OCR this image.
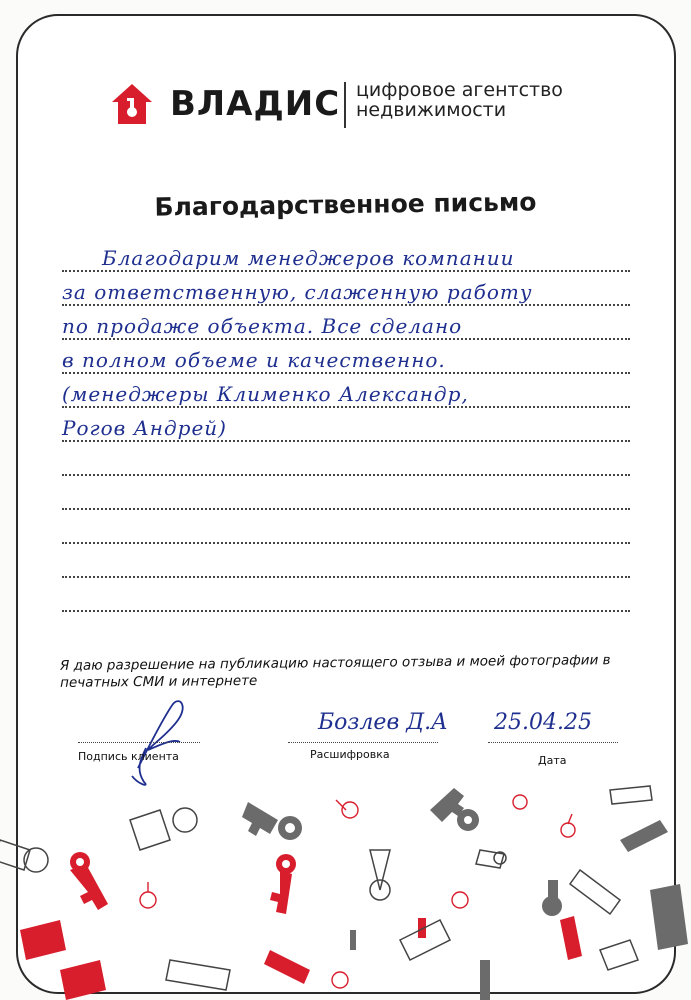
ВЛАДИС цифровое агентство
недвижимости
Благодарственное письмо
Благодарим менеджеров компании
за ответственную, слаженную работу
по продаже объекта. Все сделано
в полном объеме и качественно.
(менеджеры Клименко Александр,
Рогов Андрей)
Я даю разрешение на публикацию настоящего отзыва и моей фотографии в печатных СМИ и интернете
Подпись клиента
Бозлев Д.А
Расшифровка
25.04.25
Дата
